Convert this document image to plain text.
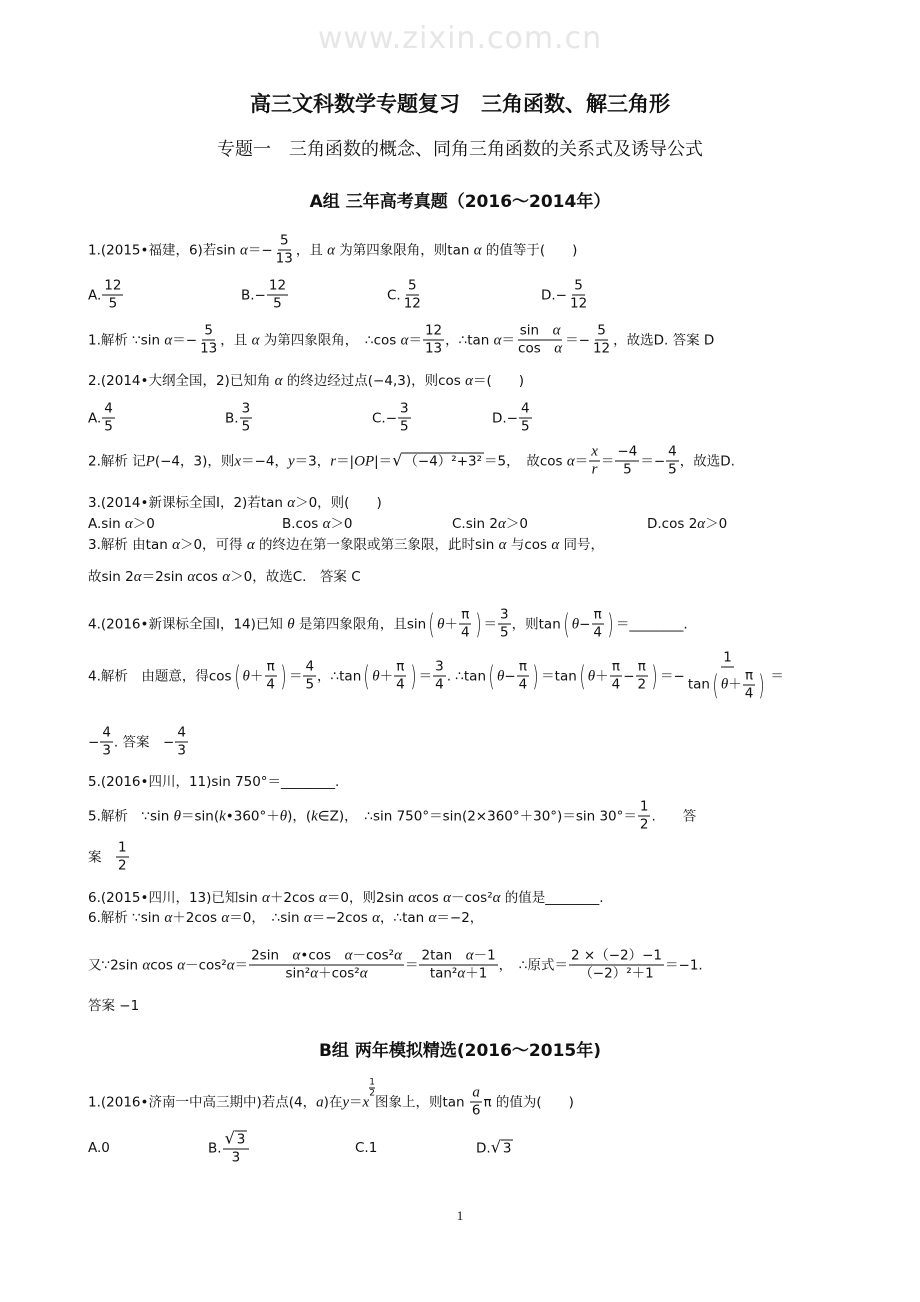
www.zixin.com.cn
高三文科数学专题复习　三角函数、解三角形
专题一　三角函数的概念、同角三角函数的关系式及诱导公式
A组 三年高考真题（2016～2014年）
1.(2015•福建，6)若$\sin \alpha =- \frac{5}{13}$ ，且 α 为第四象限角，则tan α 的值等于(　　)
A. $\frac{12}{5}$	$B.- \frac{12}{5}$	C. $\frac{5}{12}$	$D.- \frac{5}{12}$
1.解析 ∵sin $\alpha =- \frac{5}{13}$ ，且 α 为第四象限角，　∴cos $\alpha = \frac{12}{13}$ ，∴tan $\alpha = \frac{\text{sin　 α}}{\text{cos　 α}} =- \frac{5}{12}$ ，故选D. 答案 D
2.(2014•大纲全国，2)已知角 α 的终边经过点(−4,3)，则cos α ＝(　　)
A. $\frac{4}{5}$	B. $\frac{3}{5}$	$C.- \frac{3}{5}$	$D.- \frac{4}{5}$
2.解析 记 P (−4，3)，则 x ＝−4， y ＝3， r ＝| OP |＝ √ （−4）²+3² ＝5，　故$\cos \alpha = \frac{x}{r} = \frac{-4}{5} =- \frac{4}{5}$ ，故选D.
3.(2014•新课标全国Ⅰ，2)若tan α ＞0，则(　　)
A.sin α ＞0	B.cos α ＞0	C.sin 2 α ＞0	D.cos 2 α ＞0
3.解析 由tan α ＞0，可得 α 的终边在第一象限或第三象限，此时sin α 与cos α 同号，
故sin 2 α ＝2sin α cos α ＞0，故选C.　答案 C
4.(2016•新课标全国Ⅰ，14)已知 θ 是第四象限角，且sin ( $\theta + \frac{\pi}{4}$ ) ＝ $\frac{3}{5}$ ，则tan ( $\theta - \frac{\pi}{4}$ ) ＝________.
4.解析　由题意，得cos ( $\theta + \frac{\pi}{4}$ ) ＝ $\frac{4}{5}$ ，∴tan ( $\theta + \frac{\pi}{4}$ ) ＝ $\frac{3}{4}$ . ∴tan ( $\theta - \frac{\pi}{4}$ ) ＝tan ( $\theta + \frac{\pi}{4} - \frac{\pi}{2}$ ) ＝− $\frac{1}{\tan ( \theta + \frac{\pi}{4} )}$ ＝
− $\frac{4}{3}$ . 答案　− $\frac{4}{3}$
5.(2016•四川，11)sin 750°＝________.
5.解析　∵sin θ ＝sin( k •360°＋ θ )，( k ∈Z)，　∴sin 750°＝sin(2×360°＋30°)＝sin $30^\circ= \frac{1}{2}$ .　　答
案　 $\frac{1}{2}$
6.(2015•四川，13)已知sin α ＋2cos α ＝0，则2sin α cos α －cos² α 的值是________.
6.解析 ∵sin α ＋2cos α ＝0，　∴sin α ＝−2cos α ，∴tan α ＝−2，
又∵2sin α cos α －cos² $\alpha = \frac{\text{2sin　 α •cos　 α －cos² α}}{\text{sin² α ＋cos² α}} = \frac{\text{2tan　 α －1}}{\text{tan² α ＋1}}$ ，　∴原式＝ $\frac{2 \times(-2)-1}{\text{（−2）²＋1}} =-1$.
答案 −1
B组 两年模拟精选(2016～2015年)
1.(2016•济南一中高三期中)若点(4， a )在 y ＝ x
$\frac{1}{2}$
图象上，则$\tan \frac{a}{6}$ π 的值为(　　)
A.0	B. $\frac{√ 3}{3}$	C.1	D. √ 3
1
